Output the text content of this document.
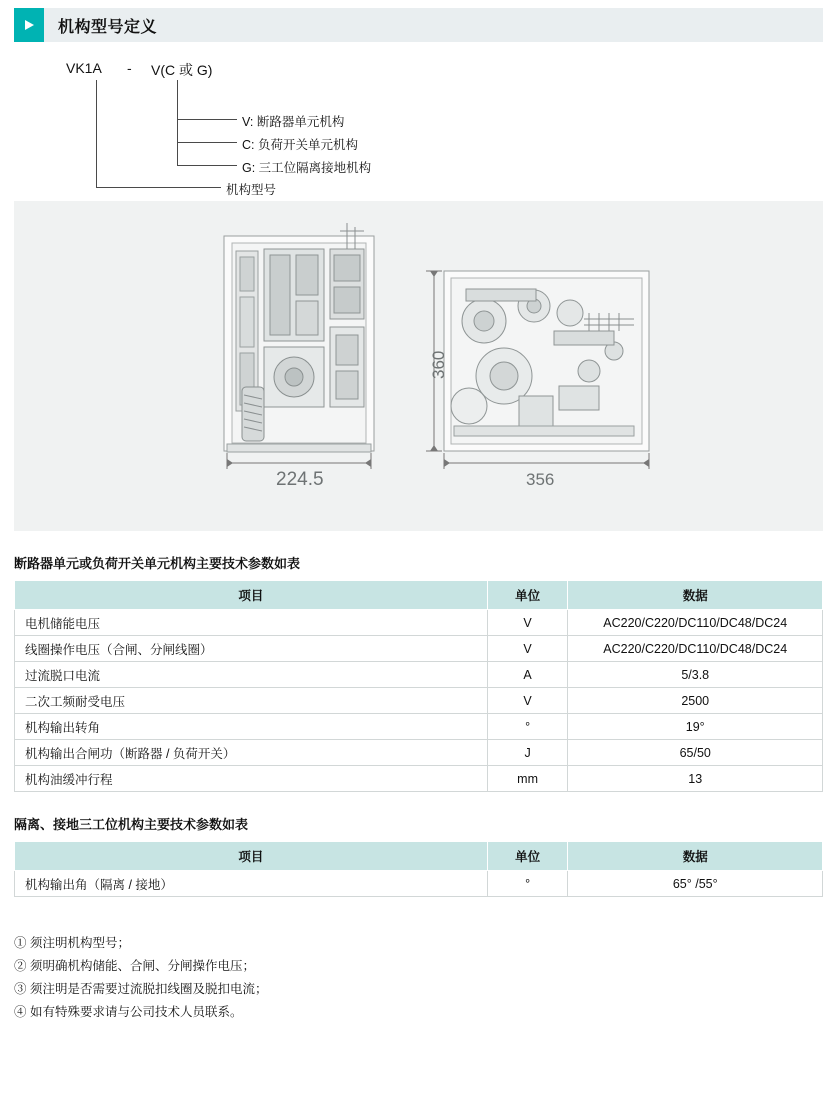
机构型号定义
VK1A - V(C 或 G)
V: 断路器单元机构
C: 负荷开关单元机构
G: 三工位隔离接地机构
机构型号
224.5
360
356
断路器单元或负荷开关单元机构主要技术参数如表
项目	单位	数据
电机储能电压	V	AC220/C220/DC110/DC48/DC24
线圈操作电压（合闸、分闸线圈）	V	AC220/C220/DC110/DC48/DC24
过流脱口电流	A	5/3.8
二次工频耐受电压	V	2500
机构输出转角	°	19°
机构输出合闸功（断路器 / 负荷开关）	J	65/50
机构油缓冲行程	mm	13
隔离、接地三工位机构主要技术参数如表
项目	单位	数据
机构输出角（隔离 / 接地）	°	65° /55°
① 须注明机构型号；
② 须明确机构储能、合闸、分闸操作电压；
③ 须注明是否需要过流脱扣线圈及脱扣电流；
④ 如有特殊要求请与公司技术人员联系。
